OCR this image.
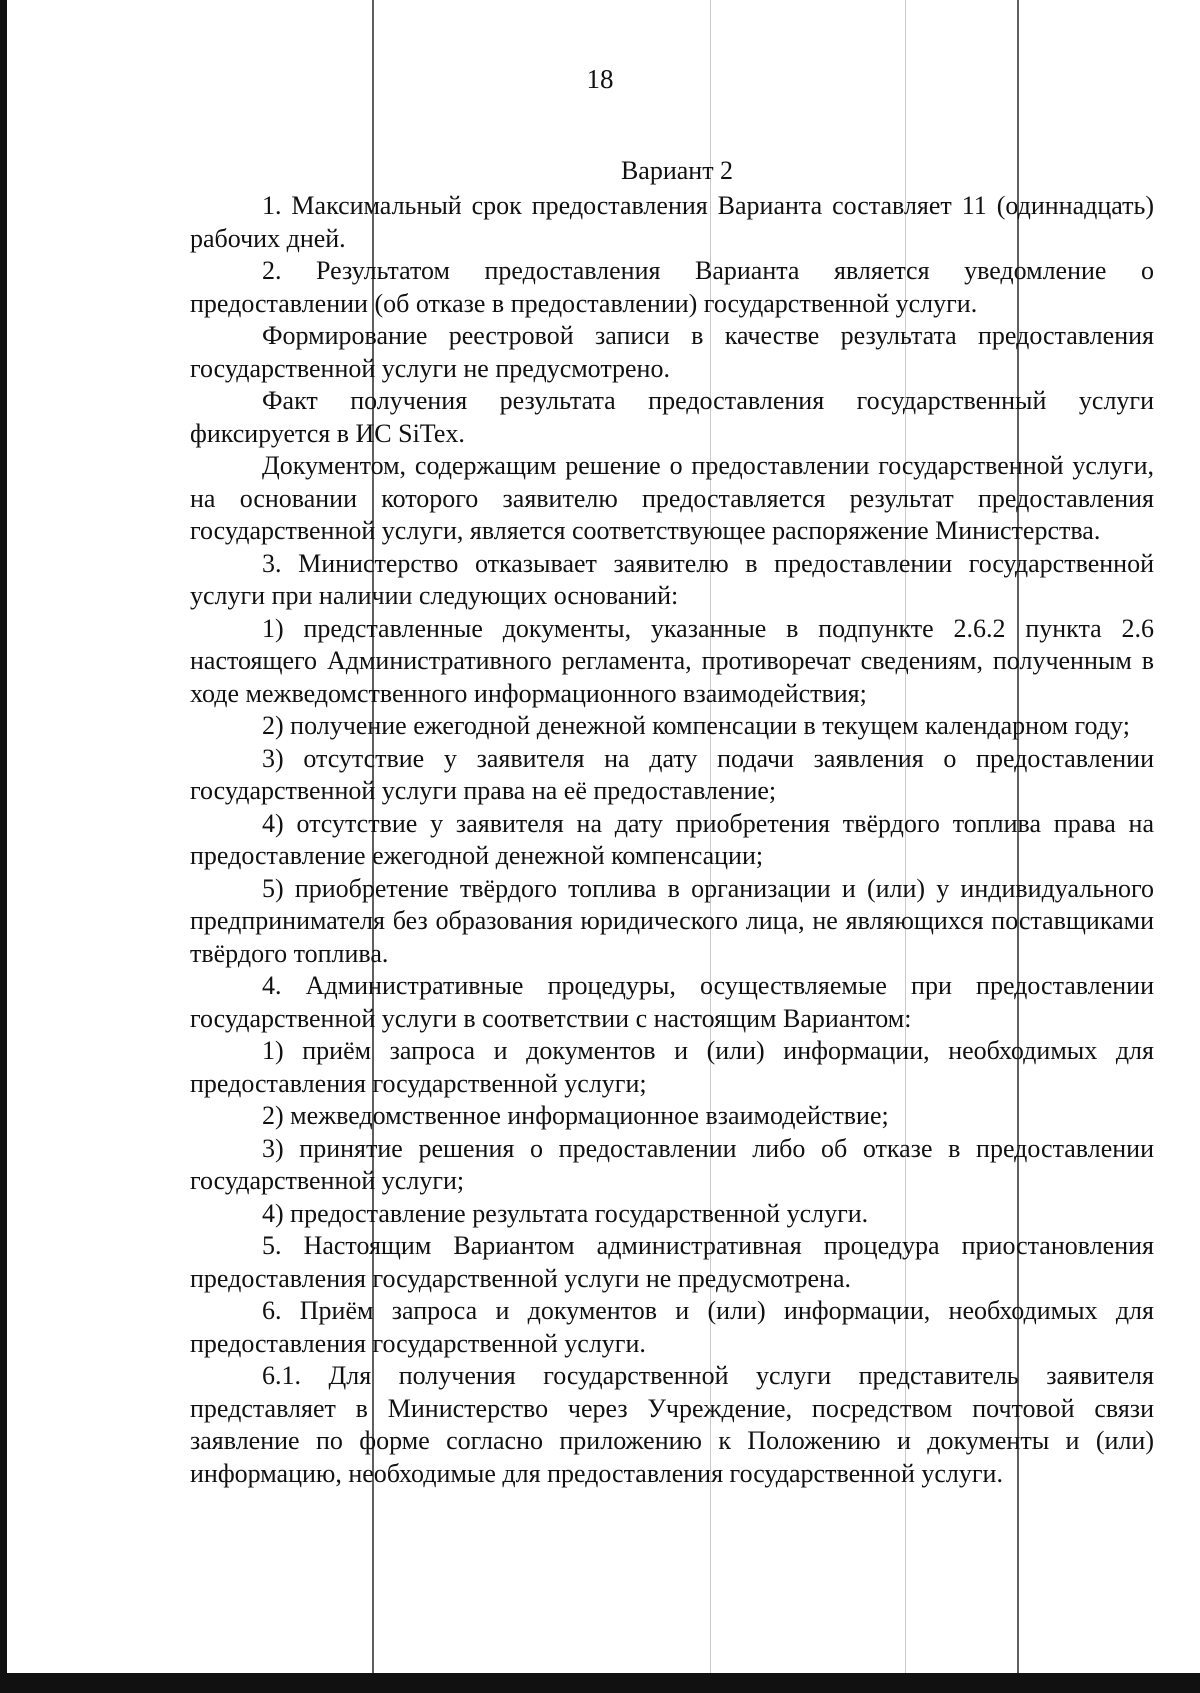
18
Вариант 2

1. Максимальный срок предоставления Варианта составляет 11 (одиннадцать) рабочих дней.

2. Результатом предоставления Варианта является уведомление о предоставлении (об отказе в предоставлении) государственной услуги.

Формирование реестровой записи в качестве результата предоставления государственной услуги не предусмотрено.

Факт получения результата предоставления государственный услуги фиксируется в ИС SiTex.

Документом, содержащим решение о предоставлении государственной услуги, на основании которого заявителю предоставляется результат предоставления государственной услуги, является соответствующее распоряжение Министерства.

3. Министерство отказывает заявителю в предоставлении государственной услуги при наличии следующих оснований:

1) представленные документы, указанные в подпункте 2.6.2 пункта 2.6 настоящего Административного регламента, противоречат сведениям, полученным в ходе межведомственного информационного взаимодействия;

2) получение ежегодной денежной компенсации в текущем календарном году;

3) отсутствие у заявителя на дату подачи заявления о предоставлении государственной услуги права на её предоставление;

4) отсутствие у заявителя на дату приобретения твёрдого топлива права на предоставление ежегодной денежной компенсации;

5) приобретение твёрдого топлива в организации и (или) у индивидуального предпринимателя без образования юридического лица, не являющихся поставщиками твёрдого топлива.

4. Административные процедуры, осуществляемые при предоставлении государственной услуги в соответствии с настоящим Вариантом:

1) приём запроса и документов и (или) информации, необходимых для предоставления государственной услуги;

2) межведомственное информационное взаимодействие;

3) принятие решения о предоставлении либо об отказе в предоставлении государственной услуги;

4) предоставление результата государственной услуги.

5. Настоящим Вариантом административная процедура приостановления предоставления государственной услуги не предусмотрена.

6. Приём запроса и документов и (или) информации, необходимых для предоставления государственной услуги.

6.1. Для получения государственной услуги представитель заявителя представляет в Министерство через Учреждение, посредством почтовой связи заявление по форме согласно приложению к Положению и документы и (или) информацию, необходимые для предоставления государственной услуги.
